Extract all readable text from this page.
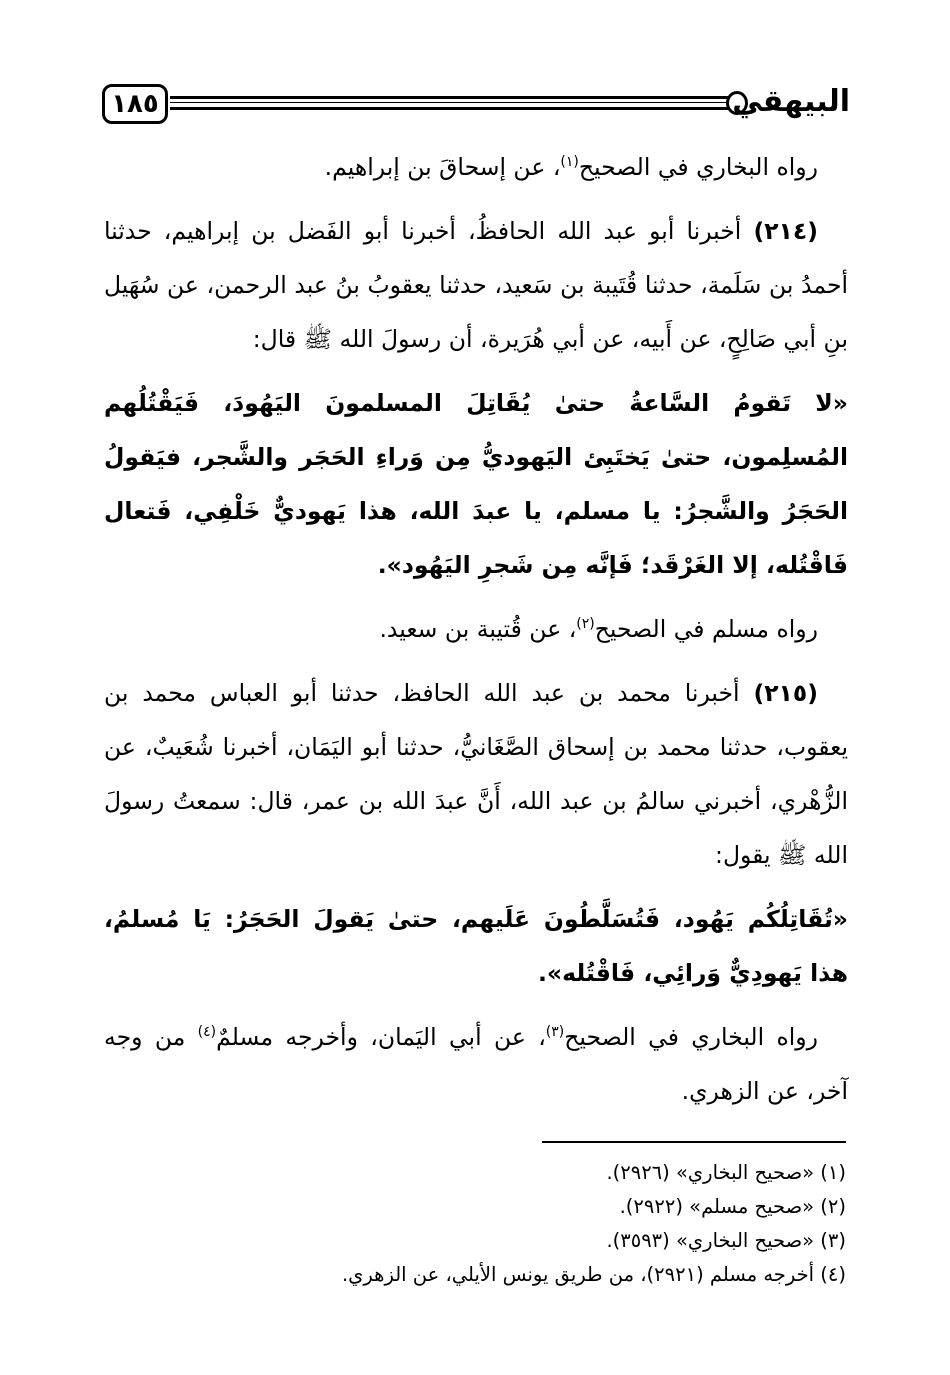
١٨٥	البيهقي

رواه البخاري في الصحيح$^{(١)}$، عن إسحاقَ بن إبراهيم.

(٢١٤) أخبرنا أبو عبد الله الحافظُ، أخبرنا أبو الفَضل بن إبراهيم، حدثنا أحمدُ بن سَلَمة، حدثنا قُتَيبة بن سَعيد، حدثنا يعقوبُ بنُ عبد الرحمن، عن سُهَيل بنِ أبي صَالِحٍ، عن أَبيه، عن أبي هُرَيرة، أن رسولَ الله ﷺ قال:

«لا تَقومُ السَّاعةُ حتىٰ يُقَاتِلَ المسلمونَ اليَهُودَ، فَيَقْتُلُهم المُسلِمون، حتىٰ يَختَبِئ اليَهوديُّ مِن وَراءِ الحَجَر والشَّجر، فيَقولُ الحَجَرُ والشَّجرُ: يا مسلم، يا عبدَ الله، هذا يَهوديٌّ خَلْفِي، فَتعال فَاقْتُله، إلا الغَرْقَد؛ فَإنَّه مِن شَجرِ اليَهُود».

رواه مسلم في الصحيح$^{(٢)}$، عن قُتيبة بن سعيد.

(٢١٥) أخبرنا محمد بن عبد الله الحافظ، حدثنا أبو العباس محمد بن يعقوب، حدثنا محمد بن إسحاق الصَّغَانيُّ، حدثنا أبو اليَمَان، أخبرنا شُعَيبٌ، عن الزُّهْري، أخبرني سالمُ بن عبد الله، أَنَّ عبدَ الله بن عمر، قال: سمعتُ رسولَ الله ﷺ يقول:

«تُقَاتِلُكُم يَهُود، فَتُسَلَّطُونَ عَلَيهم، حتىٰ يَقولَ الحَجَرُ: يَا مُسلمُ، هذا يَهودِيٌّ وَرائِي، فَاقْتُله».

رواه البخاري في الصحيح$^{(٣)}$، عن أبي اليَمان، وأخرجه مسلمٌ$^{(٤)}$ من وجه آخر، عن الزهري.

(١) «صحيح البخاري» (٢٩٢٦).

(٢) «صحيح مسلم» (٢٩٢٢).

(٣) «صحيح البخاري» (٣٥٩٣).

(٤) أخرجه مسلم (٢٩٢١)، من طريق يونس الأيلي، عن الزهري.
